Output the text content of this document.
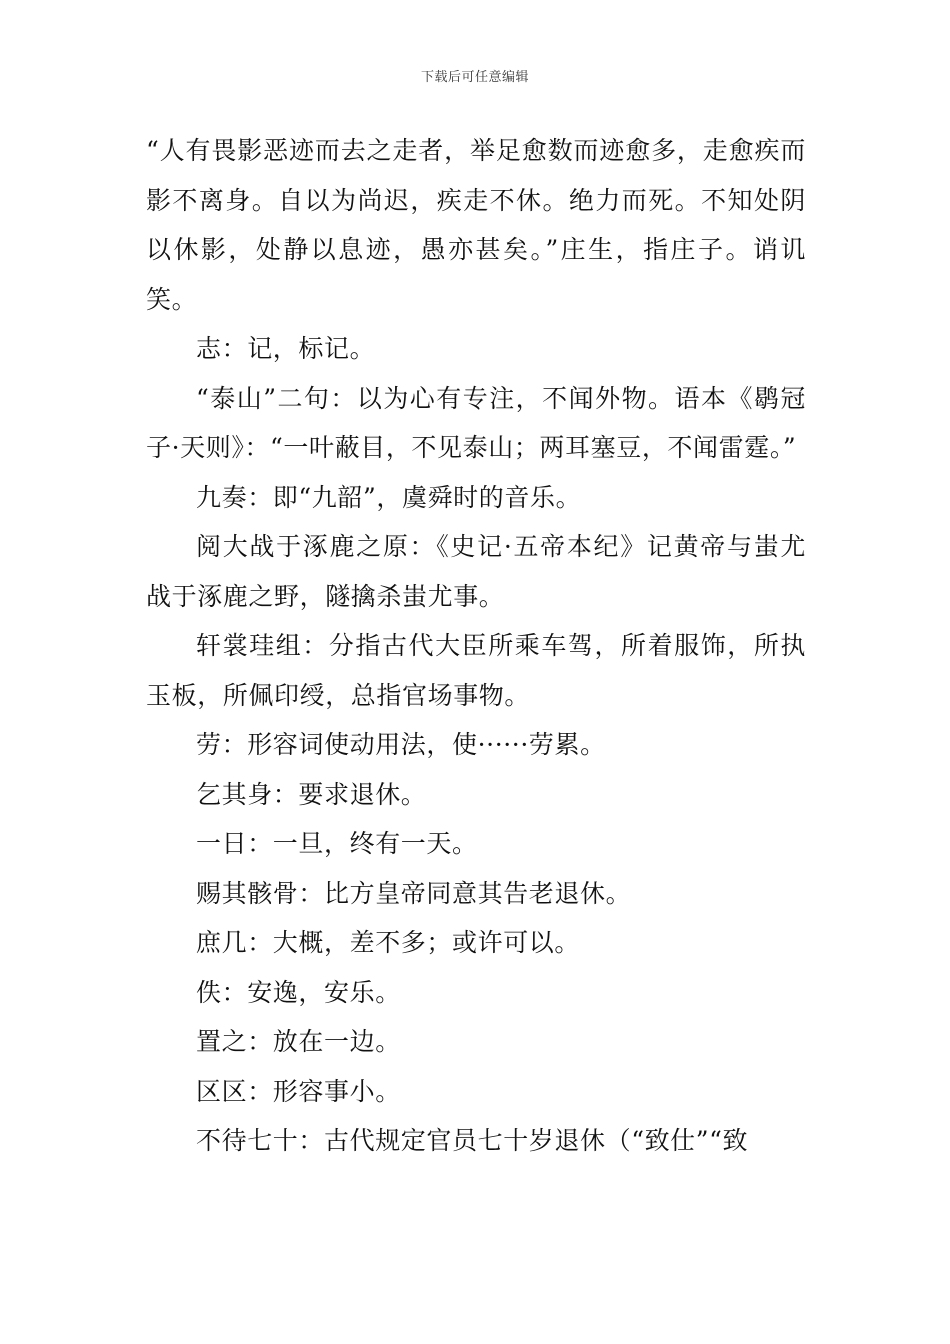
下载后可任意编辑

“人有畏影恶迹而去之走者，举足愈数而迹愈多，走愈疾而影不离身。自以为尚迟，疾走不休。绝力而死。不知处阴以休影，处静以息迹，愚亦甚矣。”庄生，指庄子。诮讥笑。

志：记，标记。

“泰山”二句：以为心有专注，不闻外物。语本《鹖冠子·天则》：“一叶蔽目，不见泰山；两耳塞豆，不闻雷霆。”

九奏：即“九韶”，虞舜时的音乐。

阅大战于涿鹿之原：《史记·五帝本纪》记黄帝与蚩尤战于涿鹿之野，隧擒杀蚩尤事。

轩裳珪组：分指古代大臣所乘车驾，所着服饰，所执玉板，所佩印绶，总指官场事物。

劳：形容词使动用法，使······劳累。

乞其身：要求退休。

一日：一旦，终有一天。

赐其骸骨：比方皇帝同意其告老退休。

庶几：大概，差不多；或许可以。

佚：安逸，安乐。

置之：放在一边。

区区：形容事小。

不待七十：古代规定官员七十岁退休（“致仕”“致
